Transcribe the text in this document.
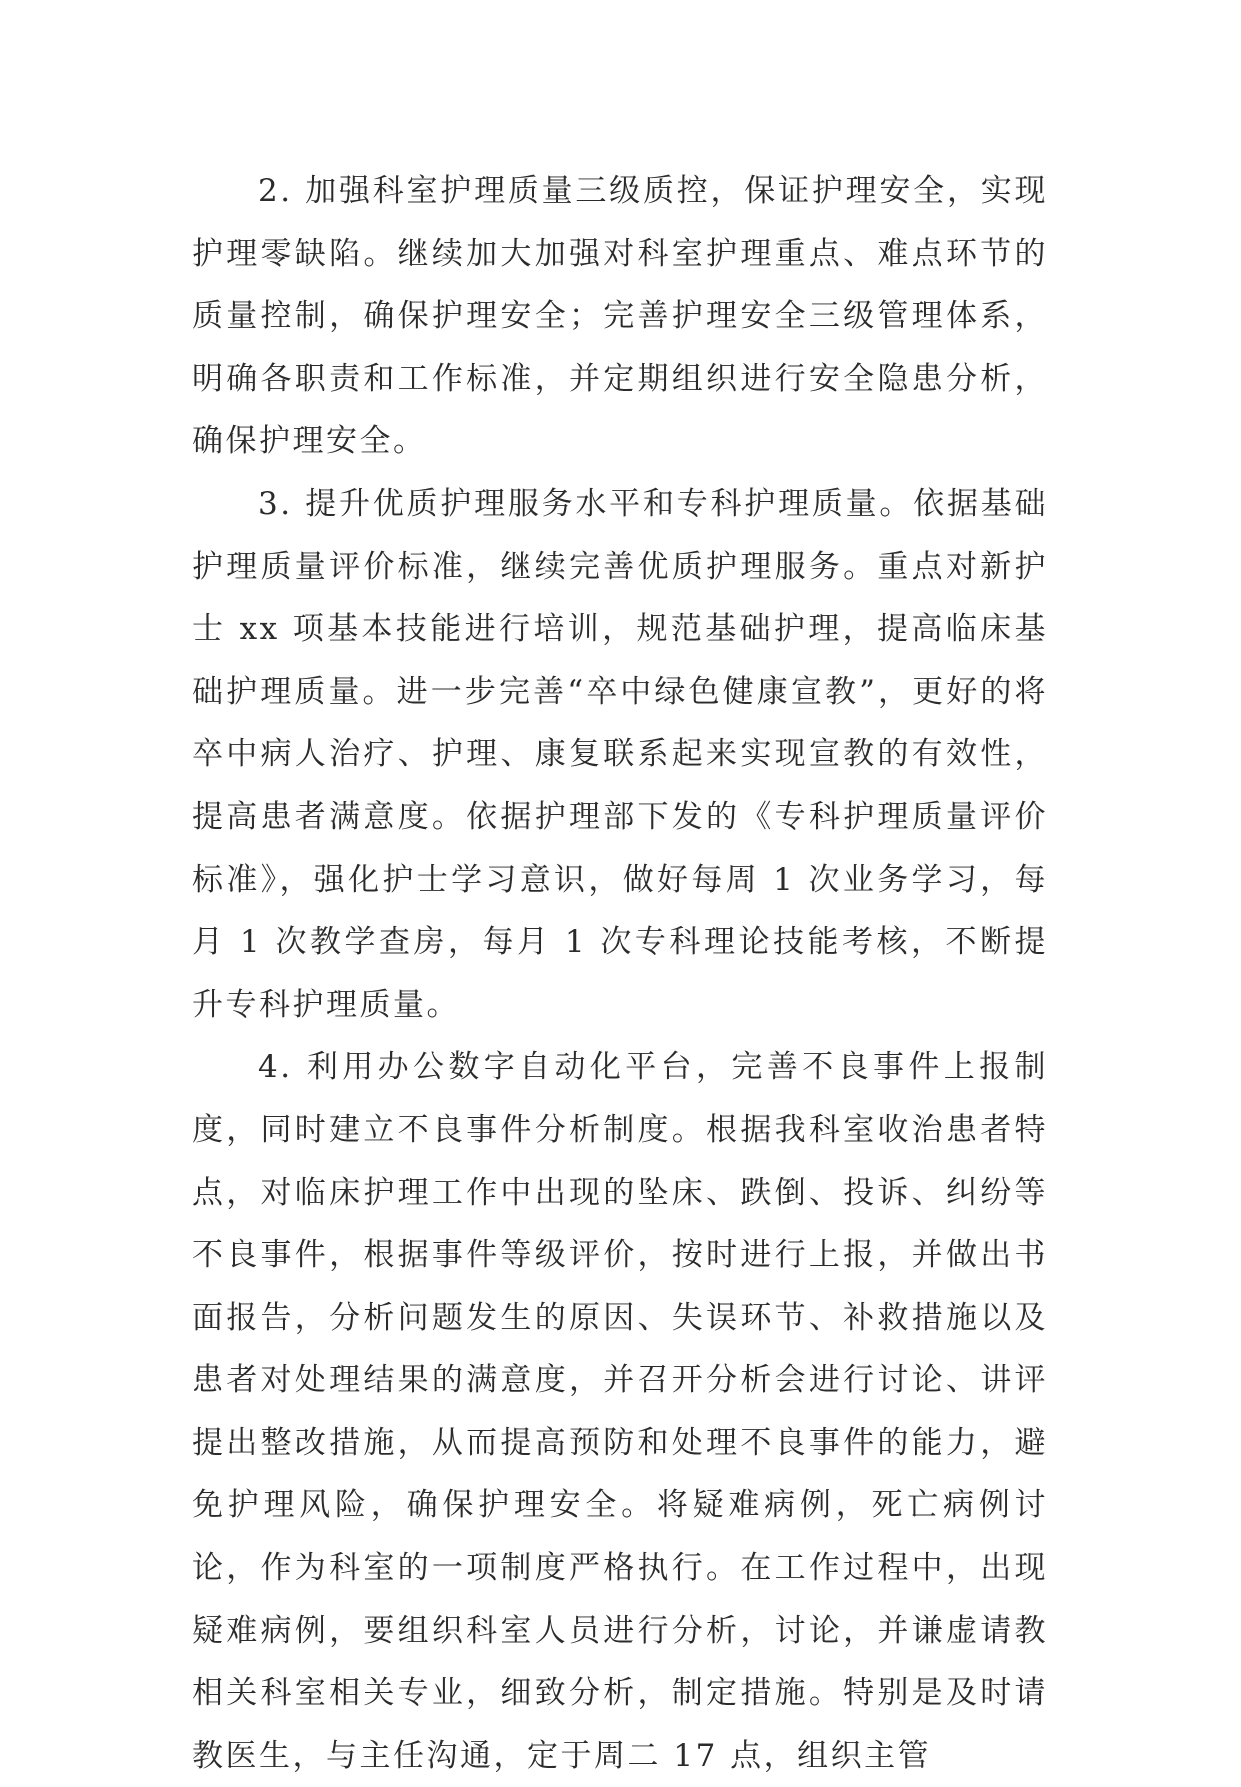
2. 加强科室护理质量三级质控，保证护理安全，实现护理零缺陷。继续加大加强对科室护理重点、难点环节的质量控制，确保护理安全；完善护理安全三级管理体系，明确各职责和工作标准，并定期组织进行安全隐患分析，确保护理安全。

3. 提升优质护理服务水平和专科护理质量。依据基础护理质量评价标准，继续完善优质护理服务。重点对新护士 xx 项基本技能进行培训，规范基础护理，提高临床基础护理质量。进一步完善“卒中绿色健康宣教”，更好的将卒中病人治疗、护理、康复联系起来实现宣教的有效性，提高患者满意度。依据护理部下发的《专科护理质量评价标准》，强化护士学习意识，做好每周 1 次业务学习，每月 1 次教学查房，每月 1 次专科理论技能考核，不断提升专科护理质量。

4. 利用办公数字自动化平台，完善不良事件上报制度，同时建立不良事件分析制度。根据我科室收治患者特点，对临床护理工作中出现的坠床、跌倒、投诉、纠纷等不良事件，根据事件等级评价，按时进行上报，并做出书面报告，分析问题发生的原因、失误环节、补救措施以及患者对处理结果的满意度，并召开分析会进行讨论、讲评提出整改措施，从而提高预防和处理不良事件的能力，避免护理风险，确保护理安全。将疑难病例，死亡病例讨论，作为科室的一项制度严格执行。在工作过程中，出现疑难病例，要组织科室人员进行分析，讨论，并谦虚请教相关科室相关专业，细致分析，制定措施。特别是及时请教医生，与主任沟通，定于周二 17 点，组织主管
